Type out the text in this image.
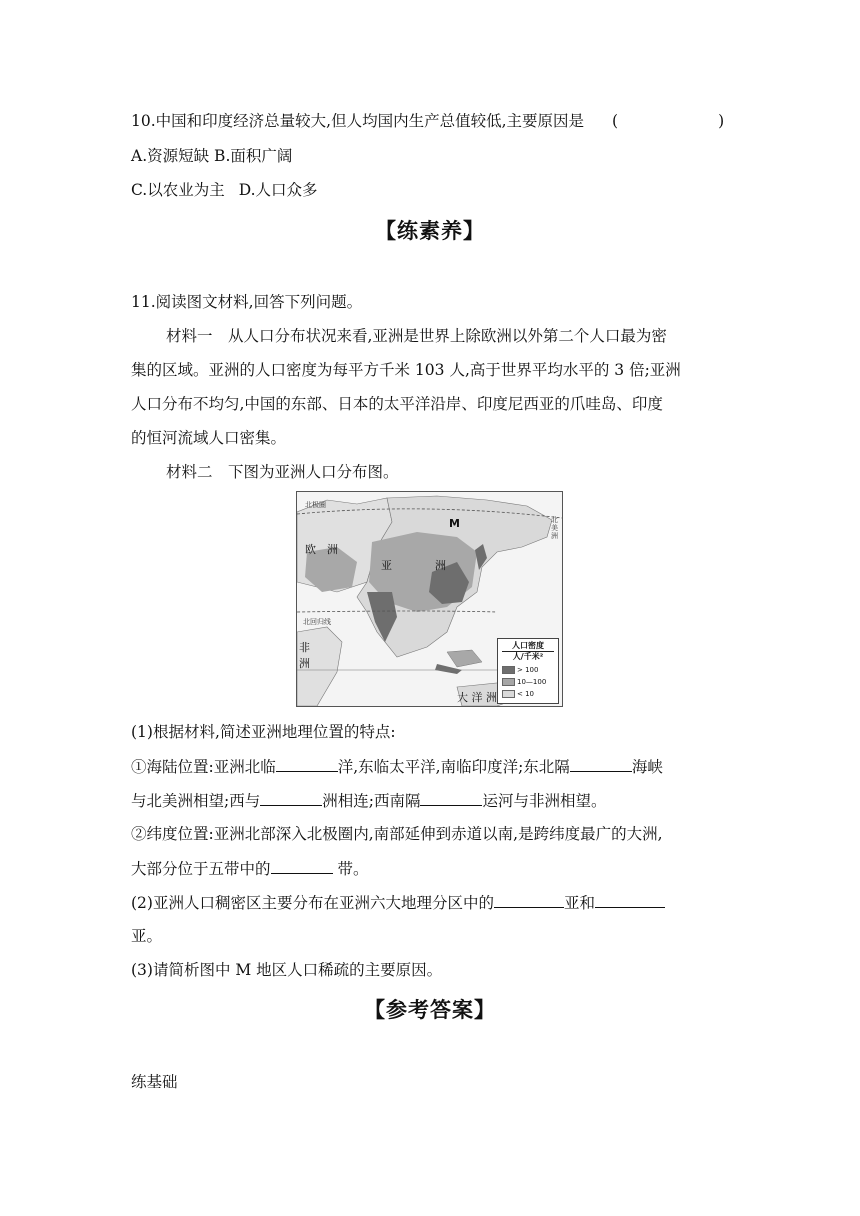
10.中国和印度经济总量较大,但人均国内生产总值较低,主要原因是 (	)
A.资源短缺 B.面积广阔
C.以农业为主 D.人口众多
【练素养】
11.阅读图文材料,回答下列问题。
材料一　从人口分布状况来看,亚洲是世界上除欧洲以外第二个人口最为密
集的区域。亚洲的人口密度为每平方千米 103 人,高于世界平均水平的 3 倍;亚洲
人口分布不均匀,中国的东部、日本的太平洋沿岸、印度尼西亚的爪哇岛、印度
的恒河流域人口密集。
材料二　下图为亚洲人口分布图。
北极圈
北回归线
欧　洲
亚	洲
M	北
美
洲
非
洲
大 洋 洲
人口密度
人/千米²
> 100
10—100
< 10
(1)根据材料,简述亚洲地理位置的特点:
①海陆位置:亚洲北临	洋,东临太平洋,南临印度洋;东北隔	海峡
与北美洲相望;西与	洲相连;西南隔	运河与非洲相望。
②纬度位置:亚洲北部深入北极圈内,南部延伸到赤道以南,是跨纬度最广的大洲,
大部分位于五带中的	带。
(2)亚洲人口稠密区主要分布在亚洲六大地理分区中的	亚和
亚。
(3)请简析图中 M 地区人口稀疏的主要原因。
【参考答案】
练基础
